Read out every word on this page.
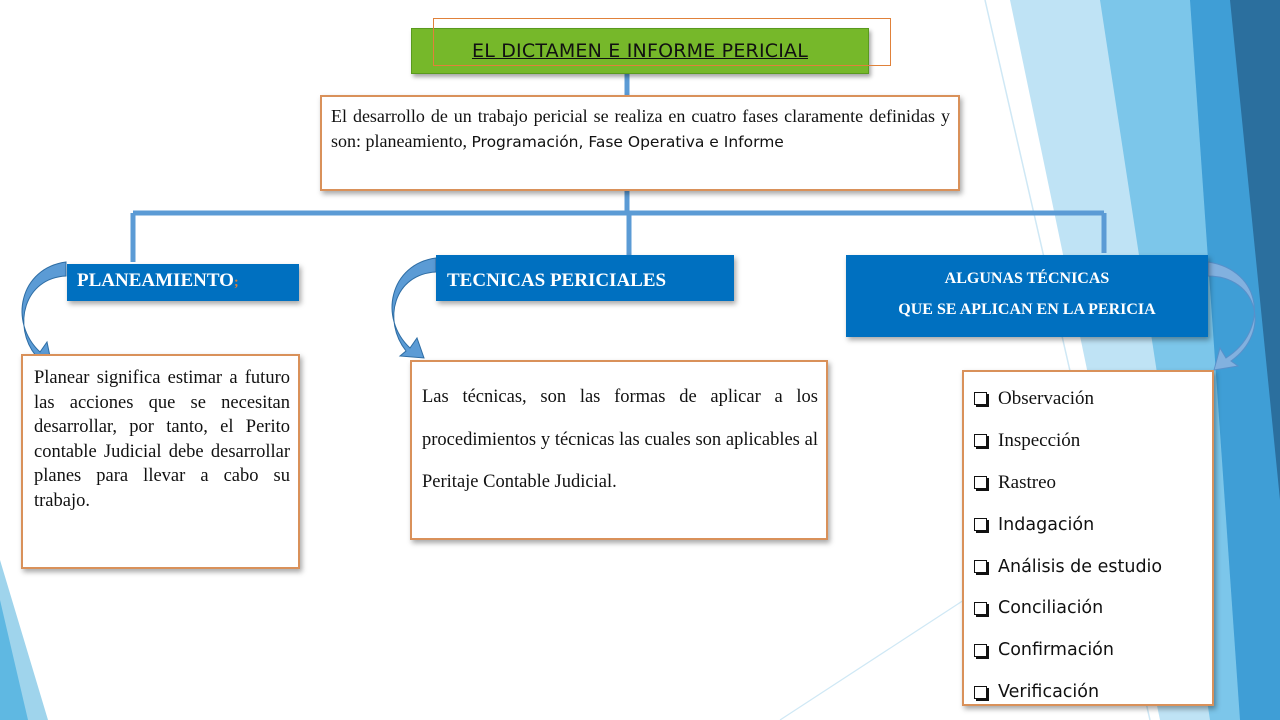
EL DICTAMEN E INFORME PERICIAL

El desarrollo de un trabajo pericial se realiza en cuatro fases claramente definidas y son: planeamiento, Programación, Fase Operativa e Informe

PLANEAMIENTO;	TECNICAS PERICIALES	ALGUNAS TÉCNICAS
QUE SE APLICAN EN LA PERICIA

Planear significa estimar a futuro las acciones que se necesitan desarrollar, por tanto, el Perito contable Judicial debe desarrollar planes para llevar a cabo su trabajo.

Las técnicas, son las formas de aplicar a los procedimientos y técnicas las cuales son aplicables al Peritaje Contable Judicial.

Observación
Inspección
Rastreo
Indagación
Análisis de estudio
Conciliación
Confirmación
Verificación
